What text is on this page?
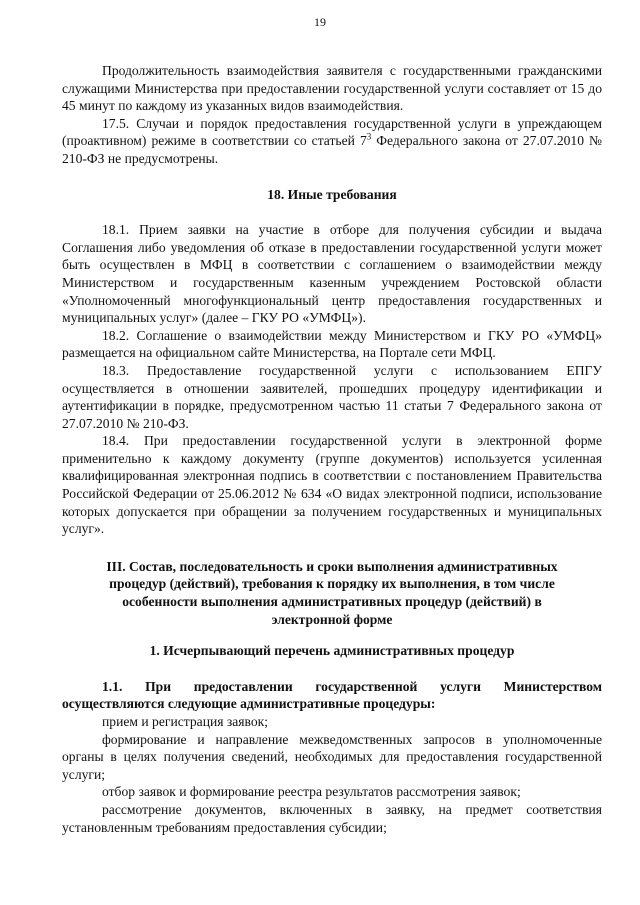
19

Продолжительность взаимодействия заявителя с государственными гражданскими служащими Министерства при предоставлении государственной услуги составляет от 15 до 45 минут по каждому из указанных видов взаимодействия.

17.5. Случаи и порядок предоставления государственной услуги в упреждающем (проактивном) режиме в соответствии со статьей $7^3$ Федерального закона от 27.07.2010 № 210-ФЗ не предусмотрены.

18. Иные требования

18.1. Прием заявки на участие в отборе для получения субсидии и выдача Соглашения либо уведомления об отказе в предоставлении государственной услуги может быть осуществлен в МФЦ в соответствии с соглашением о взаимодействии между Министерством и государственным казенным учреждением Ростовской области «Уполномоченный многофункциональный центр предоставления государственных и муниципальных услуг» (далее – ГКУ РО «УМФЦ»).

18.2. Соглашение о взаимодействии между Министерством и ГКУ РО «УМФЦ» размещается на официальном сайте Министерства, на Портале сети МФЦ.

18.3. Предоставление государственной услуги с использованием ЕПГУ осуществляется в отношении заявителей, прошедших процедуру идентификации и аутентификации в порядке, предусмотренном частью 11 статьи 7 Федерального закона от 27.07.2010 № 210-ФЗ.

18.4. При предоставлении государственной услуги в электронной форме применительно к каждому документу (группе документов) используется усиленная квалифицированная электронная подпись в соответствии с постановлением Правительства Российской Федерации от 25.06.2012 № 634 «О видах электронной подписи, использование которых допускается при обращении за получением государственных и муниципальных услуг».

III. Состав, последовательность и сроки выполнения административных процедур (действий), требования к порядку их выполнения, в том числе особенности выполнения административных процедур (действий) в электронной форме

1. Исчерпывающий перечень административных процедур

1.1. При предоставлении государственной услуги Министерством осуществляются следующие административные процедуры:

прием и регистрация заявок;

формирование и направление межведомственных запросов в уполномоченные органы в целях получения сведений, необходимых для предоставления государственной услуги;

отбор заявок и формирование реестра результатов рассмотрения заявок;

рассмотрение документов, включенных в заявку, на предмет соответствия установленным требованиям предоставления субсидии;
